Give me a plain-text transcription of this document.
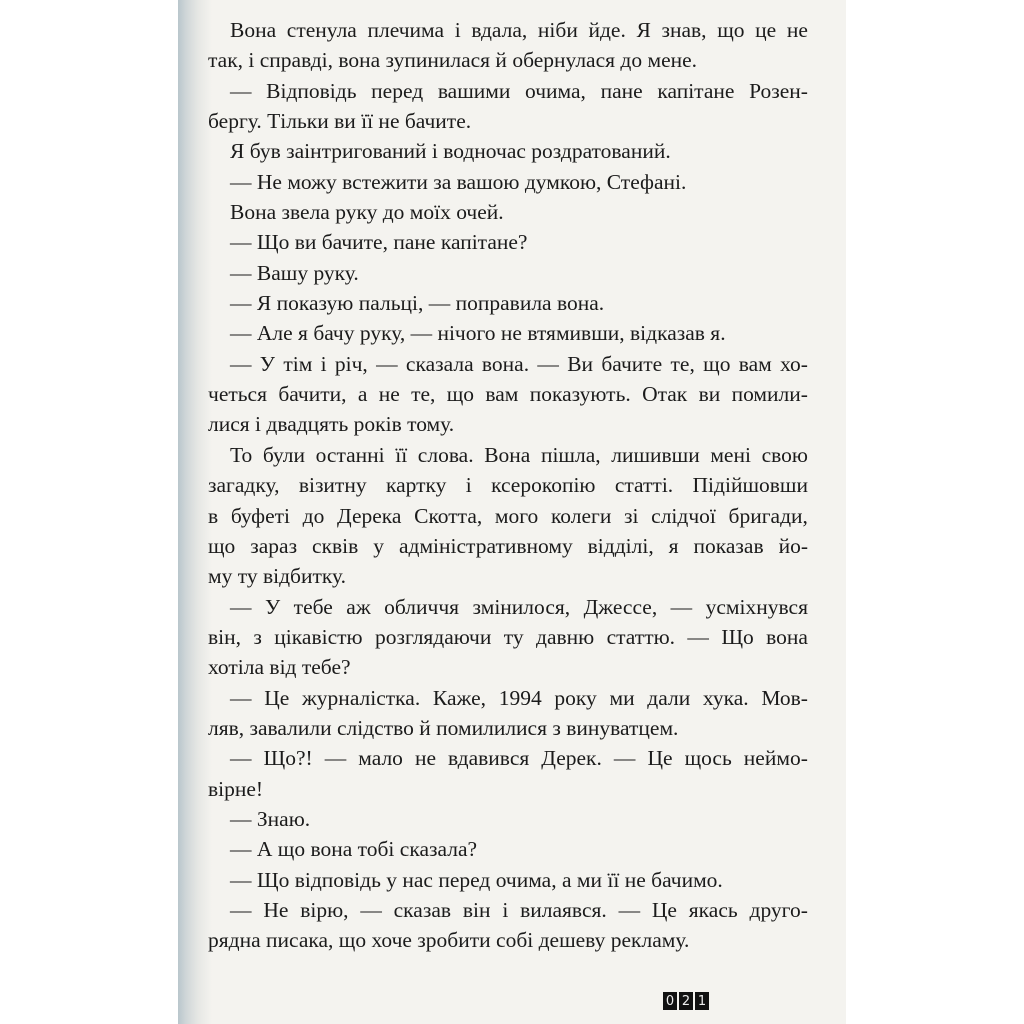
Вона стенула плечима і вдала, ніби йде. Я знав, що це не
так, і справді, вона зупинилася й обернулася до мене.
— Відповідь перед вашими очима, пане капітане Розен-
бергу. Тільки ви її не бачите.
Я був заінтригований і водночас роздратований.
— Не можу встежити за вашою думкою, Стефані.
Вона звела руку до моїх очей.
— Що ви бачите, пане капітане?
— Вашу руку.
— Я показую пальці, — поправила вона.
— Але я бачу руку, — нічого не втямивши, відказав я.
— У тім і річ, — сказала вона. — Ви бачите те, що вам хо-
четься бачити, а не те, що вам показують. Отак ви помили-
лися і двадцять років тому.
То були останні її слова. Вона пішла, лишивши мені свою
загадку, візитну картку і ксерокопію статті. Підійшовши
в буфеті до Дерека Скотта, мого колеги зі слідчої бригади,
що зараз сквів у адміністративному відділі, я показав йо-
му ту відбитку.
— У тебе аж обличчя змінилося, Джессе, — усміхнувся
він, з цікавістю розглядаючи ту давню статтю. — Що вона
хотіла від тебе?
— Це журналістка. Каже, 1994 року ми дали хука. Мов-
ляв, завалили слідство й помилилися з винуватцем.
— Що?! — мало не вдавився Дерек. — Це щось неймо-
вірне!
— Знаю.
— А що вона тобі сказала?
— Що відповідь у нас перед очима, а ми її не бачимо.
— Не вірю, — сказав він і вилаявся. — Це якась друго-
рядна писака, що хоче зробити собі дешеву рекламу.
0 2 1
